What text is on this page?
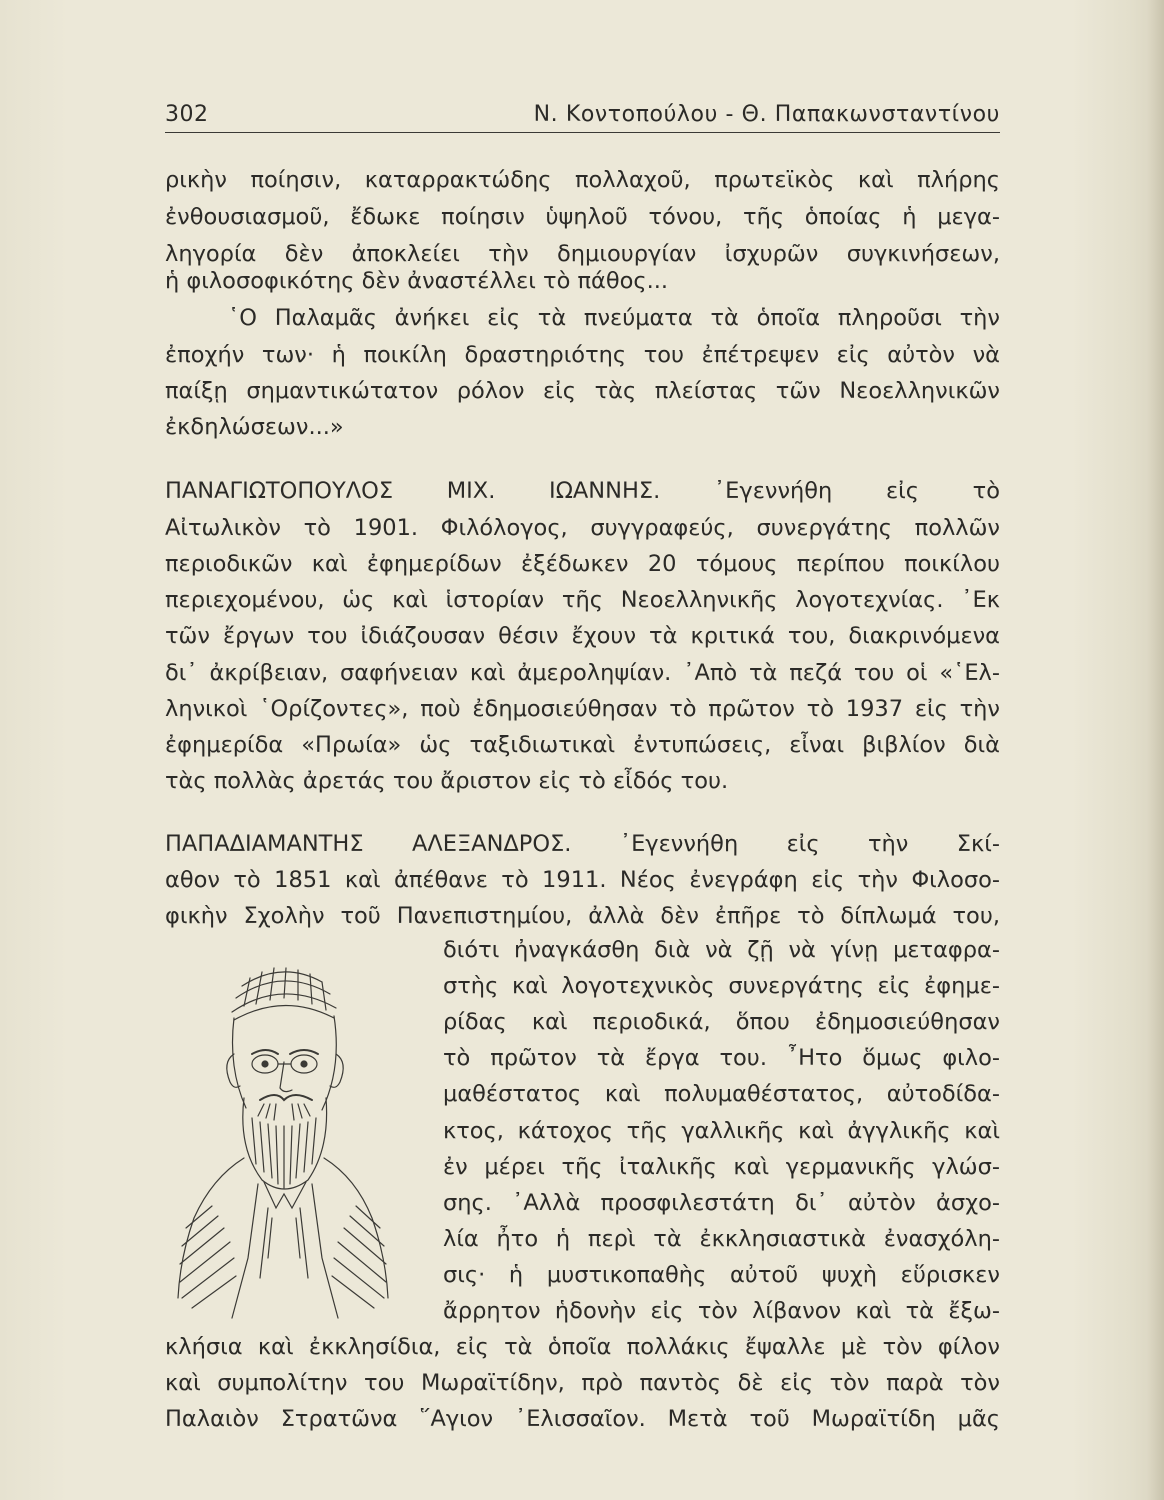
302	Ν. Κοντοπούλου - Θ. Παπακωνσταντίνου
ρικὴν ποίησιν, καταρρακτώδης πολλαχοῦ, πρωτεϊκὸς καὶ πλήρης
ἐνθουσιασμοῦ, ἔδωκε ποίησιν ὑψηλοῦ τόνου, τῆς ὁποίας ἡ μεγα-
ληγορία δὲν ἀποκλείει τὴν δημιουργίαν ἰσχυρῶν συγκινήσεων,
ἡ φιλοσοφικότης δὲν ἀναστέλλει τὸ πάθος...
῾Ο Παλαμᾶς ἀνήκει εἰς τὰ πνεύματα τὰ ὁποῖα πληροῦσι τὴν
ἐποχήν των· ἡ ποικίλη δραστηριότης του ἐπέτρεψεν εἰς αὐτὸν νὰ
παίξῃ σημαντικώτατον ρόλον εἰς τὰς πλείστας τῶν Νεοελληνικῶν
ἐκδηλώσεων...»
ΠΑΝΑΓΙΩΤΟΠΟΥΛΟΣ ΜΙΧ. ΙΩΑΝΝΗΣ. ᾿Εγεννήθη εἰς τὸ
Αἰτωλικὸν τὸ 1901. Φιλόλογος, συγγραφεύς, συνεργάτης πολλῶν
περιοδικῶν καὶ ἐφημερίδων ἐξέδωκεν 20 τόμους περίπου ποικίλου
περιεχομένου, ὡς καὶ ἱστορίαν τῆς Νεοελληνικῆς λογοτεχνίας. ᾿Εκ
τῶν ἔργων του ἰδιάζουσαν θέσιν ἔχουν τὰ κριτικά του, διακρινόμενα
δι᾿ ἀκρίβειαν, σαφήνειαν καὶ ἀμεροληψίαν. ᾿Απὸ τὰ πεζά του οἱ «῾Ελ-
ληνικοὶ ῾Ορίζοντες», ποὺ ἐδημοσιεύθησαν τὸ πρῶτον τὸ 1937 εἰς τὴν
ἐφημερίδα «Πρωία» ὡς ταξιδιωτικαὶ ἐντυπώσεις, εἶναι βιβλίον διὰ
τὰς πολλὰς ἀρετάς του ἄριστον εἰς τὸ εἶδός του.
ΠΑΠΑΔΙΑΜΑΝΤΗΣ ΑΛΕΞΑΝΔΡΟΣ. ᾿Εγεννήθη εἰς τὴν Σκί-
αθον τὸ 1851 καὶ ἀπέθανε τὸ 1911. Νέος ἐνεγράφη εἰς τὴν Φιλοσο-
φικὴν Σχολὴν τοῦ Πανεπιστημίου, ἀλλὰ δὲν ἐπῆρε τὸ δίπλωμά του,
διότι ἠναγκάσθη διὰ νὰ ζῇ νὰ γίνῃ μεταφρα-
στὴς καὶ λογοτεχνικὸς συνεργάτης εἰς ἐφημε-
ρίδας καὶ περιοδικά, ὅπου ἐδημοσιεύθησαν
τὸ πρῶτον τὰ ἔργα του. ῏Ητο ὅμως φιλο-
μαθέστατος καὶ πολυμαθέστατος, αὐτοδίδα-
κτος, κάτοχος τῆς γαλλικῆς καὶ ἀγγλικῆς καὶ
ἐν μέρει τῆς ἰταλικῆς καὶ γερμανικῆς γλώσ-
σης. ᾿Αλλὰ προσφιλεστάτη δι᾿ αὐτὸν ἀσχο-
λία ἦτο ἡ περὶ τὰ ἐκκλησιαστικὰ ἐνασχόλη-
σις· ἡ μυστικοπαθὴς αὐτοῦ ψυχὴ εὕρισκεν
ἄρρητον ἡδονὴν εἰς τὸν λίβανον καὶ τὰ ἔξω-
κλήσια καὶ ἐκκλησίδια, εἰς τὰ ὁποῖα πολλάκις ἔψαλλε μὲ τὸν φίλον
καὶ συμπολίτην του Μωραϊτίδην, πρὸ παντὸς δὲ εἰς τὸν παρὰ τὸν
Παλαιὸν Στρατῶνα ῞Αγιον ᾿Ελισσαῖον. Μετὰ τοῦ Μωραϊτίδη μᾶς
